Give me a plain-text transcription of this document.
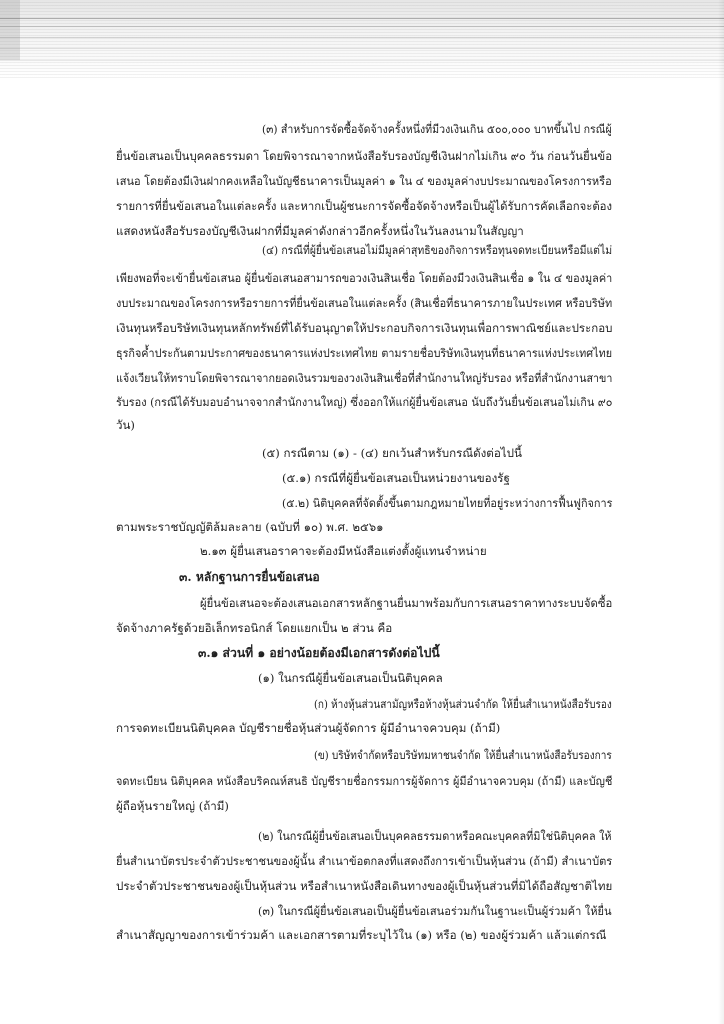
(๓) สำหรับการจัดซื้อจัดจ้างครั้งหนึ่งที่มีวงเงินเกิน ๕๐๐,๐๐๐ บาทขึ้นไป กรณีผู้
ยื่นข้อเสนอเป็นบุคคลธรรมดา โดยพิจารณาจากหนังสือรับรองบัญชีเงินฝากไม่เกิน ๙๐ วัน ก่อนวันยื่นข้อ
เสนอ โดยต้องมีเงินฝากคงเหลือในบัญชีธนาคารเป็นมูลค่า ๑ ใน ๔ ของมูลค่างบประมาณของโครงการหรือ
รายการที่ยื่นข้อเสนอในแต่ละครั้ง และหากเป็นผู้ชนะการจัดซื้อจัดจ้างหรือเป็นผู้ได้รับการคัดเลือกจะต้อง
แสดงหนังสือรับรองบัญชีเงินฝากที่มีมูลค่าดังกล่าวอีกครั้งหนึ่งในวันลงนามในสัญญา
(๔) กรณีที่ผู้ยื่นข้อเสนอไม่มีมูลค่าสุทธิของกิจการหรือทุนจดทะเบียนหรือมีแต่ไม่
เพียงพอที่จะเข้ายื่นข้อเสนอ ผู้ยื่นข้อเสนอสามารถขอวงเงินสินเชื่อ โดยต้องมีวงเงินสินเชื่อ ๑ ใน ๔ ของมูลค่า
งบประมาณของโครงการหรือรายการที่ยื่นข้อเสนอในแต่ละครั้ง (สินเชื่อที่ธนาคารภายในประเทศ หรือบริษัท
เงินทุนหรือบริษัทเงินทุนหลักทรัพย์ที่ได้รับอนุญาตให้ประกอบกิจการเงินทุนเพื่อการพาณิชย์และประกอบ
ธุรกิจค้ำประกันตามประกาศของธนาคารแห่งประเทศไทย ตามรายชื่อบริษัทเงินทุนที่ธนาคารแห่งประเทศไทย
แจ้งเวียนให้ทราบโดยพิจารณาจากยอดเงินรวมของวงเงินสินเชื่อที่สำนักงานใหญ่รับรอง หรือที่สำนักงานสาขา
รับรอง (กรณีได้รับมอบอำนาจจากสำนักงานใหญ่) ซึ่งออกให้แก่ผู้ยื่นข้อเสนอ นับถึงวันยื่นข้อเสนอไม่เกิน ๙๐
วัน)
(๕) กรณีตาม (๑) - (๔) ยกเว้นสำหรับกรณีดังต่อไปนี้
(๕.๑) กรณีที่ผู้ยื่นข้อเสนอเป็นหน่วยงานของรัฐ
(๕.๒) นิติบุคคลที่จัดตั้งขึ้นตามกฎหมายไทยที่อยู่ระหว่างการฟื้นฟูกิจการ
ตามพระราชบัญญัติล้มละลาย (ฉบับที่ ๑๐) พ.ศ. ๒๕๖๑
๒.๑๓ ผู้ยื่นเสนอราคาจะต้องมีหนังสือแต่งตั้งผู้แทนจำหน่าย
๓. หลักฐานการยื่นข้อเสนอ
ผู้ยื่นข้อเสนอจะต้องเสนอเอกสารหลักฐานยื่นมาพร้อมกับการเสนอราคาทางระบบจัดซื้อ
จัดจ้างภาครัฐด้วยอิเล็กทรอนิกส์ โดยแยกเป็น ๒ ส่วน คือ
๓.๑ ส่วนที่ ๑ อย่างน้อยต้องมีเอกสารดังต่อไปนี้
(๑) ในกรณีผู้ยื่นข้อเสนอเป็นนิติบุคคล
(ก) ห้างหุ้นส่วนสามัญหรือห้างหุ้นส่วนจำกัด ให้ยื่นสำเนาหนังสือรับรอง
การจดทะเบียนนิติบุคคล บัญชีรายชื่อหุ้นส่วนผู้จัดการ ผู้มีอำนาจควบคุม (ถ้ามี)
(ข) บริษัทจำกัดหรือบริษัทมหาชนจำกัด ให้ยื่นสำเนาหนังสือรับรองการ
จดทะเบียน นิติบุคคล หนังสือบริคณห์สนธิ บัญชีรายชื่อกรรมการผู้จัดการ ผู้มีอำนาจควบคุม (ถ้ามี) และบัญชี
ผู้ถือหุ้นรายใหญ่ (ถ้ามี)
(๒) ในกรณีผู้ยื่นข้อเสนอเป็นบุคคลธรรมดาหรือคณะบุคคลที่มิใช่นิติบุคคล ให้
ยื่นสำเนาบัตรประจำตัวประชาชนของผู้นั้น สำเนาข้อตกลงที่แสดงถึงการเข้าเป็นหุ้นส่วน (ถ้ามี) สำเนาบัตร
ประจำตัวประชาชนของผู้เป็นหุ้นส่วน หรือสำเนาหนังสือเดินทางของผู้เป็นหุ้นส่วนที่มิได้ถือสัญชาติไทย
(๓) ในกรณีผู้ยื่นข้อเสนอเป็นผู้ยื่นข้อเสนอร่วมกันในฐานะเป็นผู้ร่วมค้า ให้ยื่น
สำเนาสัญญาของการเข้าร่วมค้า และเอกสารตามที่ระบุไว้ใน (๑) หรือ (๒) ของผู้ร่วมค้า แล้วแต่กรณี
